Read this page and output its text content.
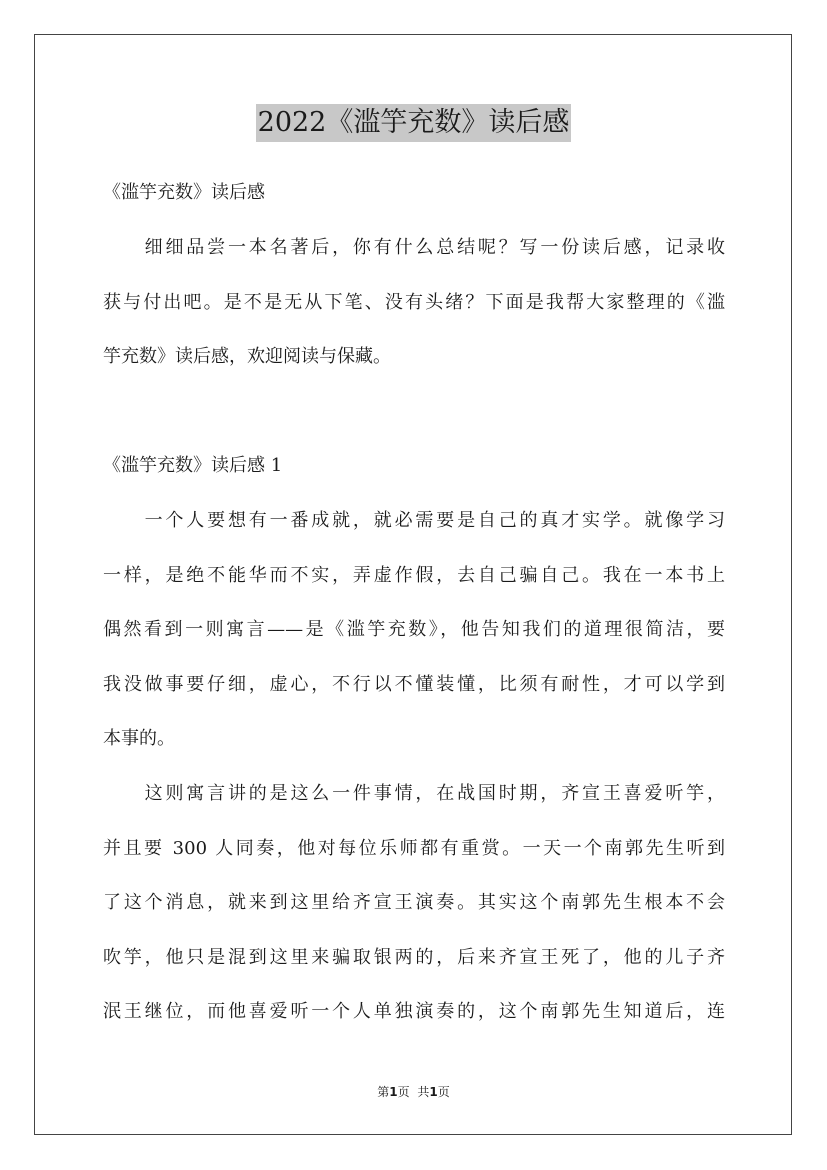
2022《滥竽充数》读后感
《滥竽充数》读后感
　　细细品尝一本名著后，你有什么总结呢？写一份读后感，记录收
获与付出吧。是不是无从下笔、没有头绪？下面是我帮大家整理的《滥
竽充数》读后感，欢迎阅读与保藏。
《滥竽充数》读后感 1
　　一个人要想有一番成就，就必需要是自己的真才实学。就像学习
一样，是绝不能华而不实，弄虚作假，去自己骗自己。我在一本书上
偶然看到一则寓言——是《滥竽充数》，他告知我们的道理很简洁，要
我没做事要仔细，虚心，不行以不懂装懂，比须有耐性，才可以学到
本事的。
　　这则寓言讲的是这么一件事情，在战国时期，齐宣王喜爱听竽，
并且要 300 人同奏，他对每位乐师都有重赏。一天一个南郭先生听到
了这个消息，就来到这里给齐宣王演奏。其实这个南郭先生根本不会
吹竽，他只是混到这里来骗取银两的，后来齐宣王死了，他的儿子齐
泯王继位，而他喜爱听一个人单独演奏的，这个南郭先生知道后，连
第1页 共1页
